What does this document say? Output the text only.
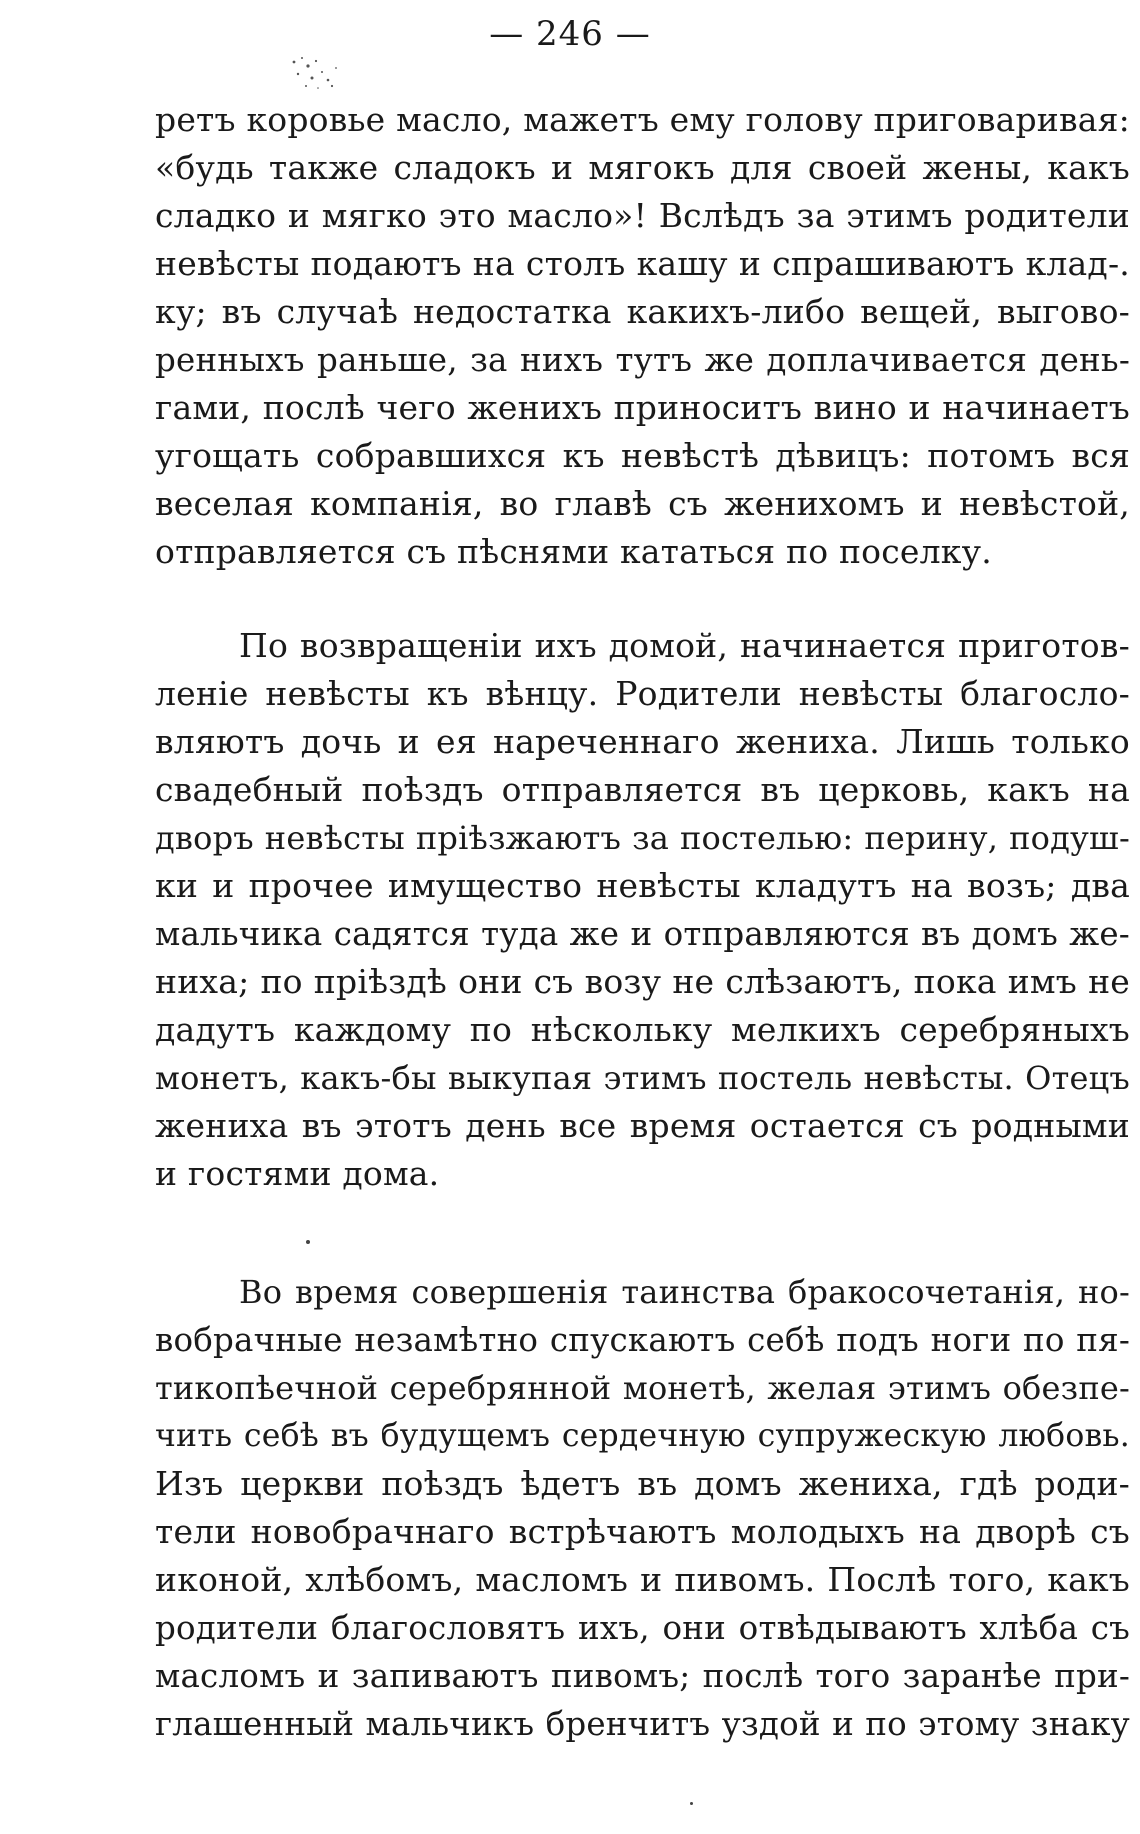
— 246 —
ретъ коровье масло, мажетъ ему голову приговаривая:
«будь также сладокъ и мягокъ для своей жены, какъ
сладко и мягко это масло»! Вслѣдъ за этимъ родители
невѣсты подаютъ на столъ кашу и спрашиваютъ клад-.
ку; въ случаѣ недостатка какихъ-либо вещей, выгово-
ренныхъ раньше, за нихъ тутъ же доплачивается день-
гами, послѣ чего женихъ приноситъ вино и начинаетъ
угощать собравшихся къ невѣстѣ дѣвицъ: потомъ вся
веселая компанія, во главѣ съ женихомъ и невѣстой,
отправляется съ пѣснями кататься по поселку.
По возвращеніи ихъ домой, начинается приготов-
леніе невѣсты къ вѣнцу. Родители невѣсты благосло-
вляютъ дочь и ея нареченнаго жениха. Лишь только
свадебный поѣздъ отправляется въ церковь, какъ на
дворъ невѣсты пріѣзжаютъ за постелью: перину, подуш-
ки и прочее имущество невѣсты кладутъ на возъ; два
мальчика садятся туда же и отправляются въ домъ же-
ниха; по пріѣздѣ они съ возу не слѣзаютъ, пока имъ не
дадутъ каждому по нѣскольку мелкихъ серебряныхъ
монетъ, какъ-бы выкупая этимъ постель невѣсты. Отецъ
жениха въ этотъ день все время остается съ родными
и гостями дома.
Во время совершенія таинства бракосочетанія, но-
вобрачные незамѣтно спускаютъ себѣ подъ ноги по пя-
тикопѣечной серебрянной монетѣ, желая этимъ обезпе-
чить себѣ въ будущемъ сердечную супружескую любовь.
Изъ церкви поѣздъ ѣдетъ въ домъ жениха, гдѣ роди-
тели новобрачнаго встрѣчаютъ молодыхъ на дворѣ съ
иконой, хлѣбомъ, масломъ и пивомъ. Послѣ того, какъ
родители благословятъ ихъ, они отвѣдываютъ хлѣба съ
масломъ и запиваютъ пивомъ; послѣ того заранѣе при-
глашенный мальчикъ бренчитъ уздой и по этому знаку
